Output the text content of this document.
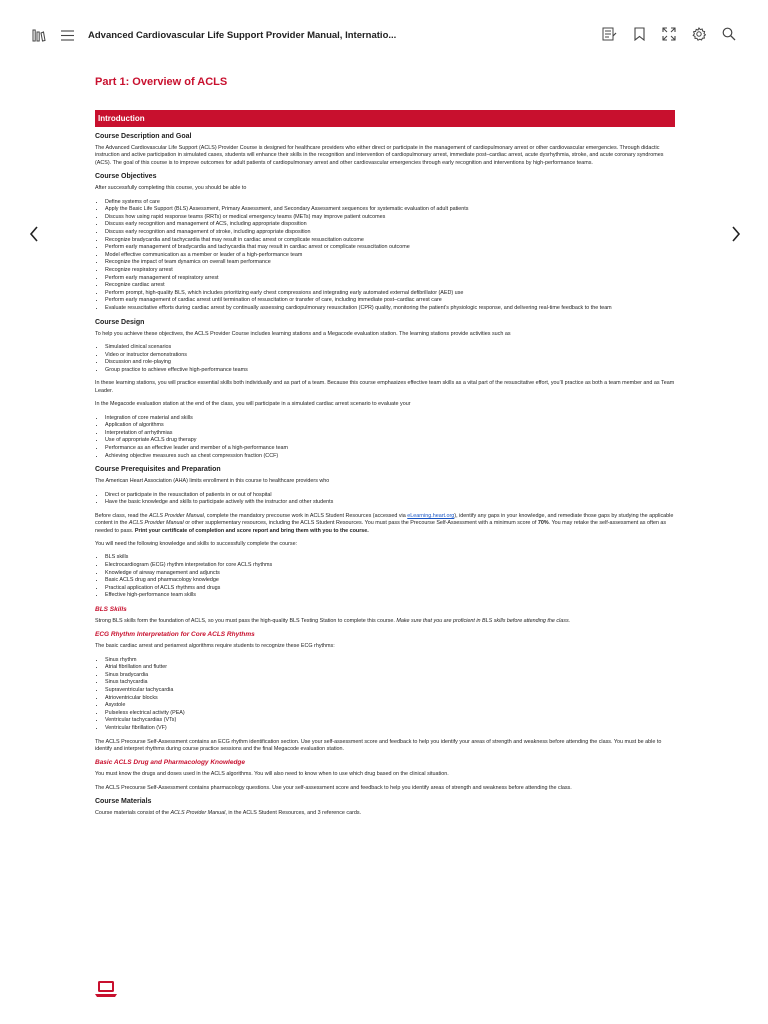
Advanced Cardiovascular Life Support Provider Manual, Internatio...
Part 1: Overview of ACLS
Introduction
Course Description and Goal

The Advanced Cardiovascular Life Support (ACLS) Provider Course is designed for healthcare providers who either direct or participate in the management of cardiopulmonary arrest or other cardiovascular emergencies. Through didactic instruction and active participation in simulated cases, students will enhance their skills in the recognition and intervention of cardiopulmonary arrest, immediate post–cardiac arrest, acute dysrhythmia, stroke, and acute coronary syndromes (ACS). The goal of this course is to improve outcomes for adult patients of cardiopulmonary arrest and other cardiovascular emergencies through early recognition and interventions by high-performance teams.

Course Objectives

After successfully completing this course, you should be able to

• Define systems of care
• Apply the Basic Life Support (BLS) Assessment, Primary Assessment, and Secondary Assessment sequences for systematic evaluation of adult patients
• Discuss how using rapid response teams (RRTs) or medical emergency teams (METs) may improve patient outcomes
• Discuss early recognition and management of ACS, including appropriate disposition
• Discuss early recognition and management of stroke, including appropriate disposition
• Recognize bradycardia and tachycardia that may result in cardiac arrest or complicate resuscitation outcome
• Perform early management of bradycardia and tachycardia that may result in cardiac arrest or complicate resuscitation outcome
• Model effective communication as a member or leader of a high-performance team
• Recognize the impact of team dynamics on overall team performance
• Recognize respiratory arrest
• Perform early management of respiratory arrest
• Recognize cardiac arrest
• Perform prompt, high-quality BLS, which includes prioritizing early chest compressions and integrating early automated external defibrillator (AED) use
• Perform early management of cardiac arrest until termination of resuscitation or transfer of care, including immediate post–cardiac arrest care
• Evaluate resuscitative efforts during cardiac arrest by continually assessing cardiopulmonary resuscitation (CPR) quality, monitoring the patient’s physiologic response, and delivering real-time feedback to the team
Course Design

To help you achieve these objectives, the ACLS Provider Course includes learning stations and a Megacode evaluation station. The learning stations provide activities such as

• Simulated clinical scenarios
• Video or instructor demonstrations
• Discussion and role-playing
• Group practice to achieve effective high-performance teams

In these learning stations, you will practice essential skills both individually and as part of a team. Because this course emphasizes effective team skills as a vital part of the resuscitative effort, you’ll practice as both a team member and as Team Leader.

In the Megacode evaluation station at the end of the class, you will participate in a simulated cardiac arrest scenario to evaluate your

• Integration of core material and skills
• Application of algorithms
• Interpretation of arrhythmias
• Use of appropriate ACLS drug therapy
• Performance as an effective leader and member of a high-performance team
• Achieving objective measures such as chest compression fraction (CCF)
Course Prerequisites and Preparation

The American Heart Association (AHA) limits enrollment in this course to healthcare providers who

• Direct or participate in the resuscitation of patients in or out of hospital
• Have the basic knowledge and skills to participate actively with the instructor and other students

Before class, read the ACLS Provider Manual, complete the mandatory precourse work in ACLS Student Resources (accessed via eLearning.heart.org), identify any gaps in your knowledge, and remediate those gaps by studying the applicable content in the ACLS Provider Manual or other supplementary resources, including the ACLS Student Resources. You must pass the Precourse Self-Assessment with a minimum score of 70%. You may retake the self-assessment as often as needed to pass. Print your certificate of completion and score report and bring them with you to the course.

You will need the following knowledge and skills to successfully complete the course:

• BLS skills
• Electrocardiogram (ECG) rhythm interpretation for core ACLS rhythms
• Knowledge of airway management and adjuncts
• Basic ACLS drug and pharmacology knowledge
• Practical application of ACLS rhythms and drugs
• Effective high-performance team skills
BLS Skills

Strong BLS skills form the foundation of ACLS, so you must pass the high-quality BLS Testing Station to complete this course. Make sure that you are proficient in BLS skills before attending the class.

ECG Rhythm Interpretation for Core ACLS Rhythms

The basic cardiac arrest and periarrest algorithms require students to recognize these ECG rhythms:

• Sinus rhythm
• Atrial fibrillation and flutter
• Sinus bradycardia
• Sinus tachycardia
• Supraventricular tachycardia
• Atrioventricular blocks
• Asystole
• Pulseless electrical activity (PEA)
• Ventricular tachycardias (VTs)
• Ventricular fibrillation (VF)

The ACLS Precourse Self-Assessment contains an ECG rhythm identification section. Use your self-assessment score and feedback to help you identify your areas of strength and weakness before attending the class. You must be able to identify and interpret rhythms during course practice sessions and the final Megacode evaluation station.

Basic ACLS Drug and Pharmacology Knowledge

You must know the drugs and doses used in the ACLS algorithms. You will also need to know when to use which drug based on the clinical situation.

The ACLS Precourse Self-Assessment contains pharmacology questions. Use your self-assessment score and feedback to help you identify areas of strength and weakness before attending the class.

Course Materials

Course materials consist of the ACLS Provider Manual, in the ACLS Student Resources, and 3 reference cards.
